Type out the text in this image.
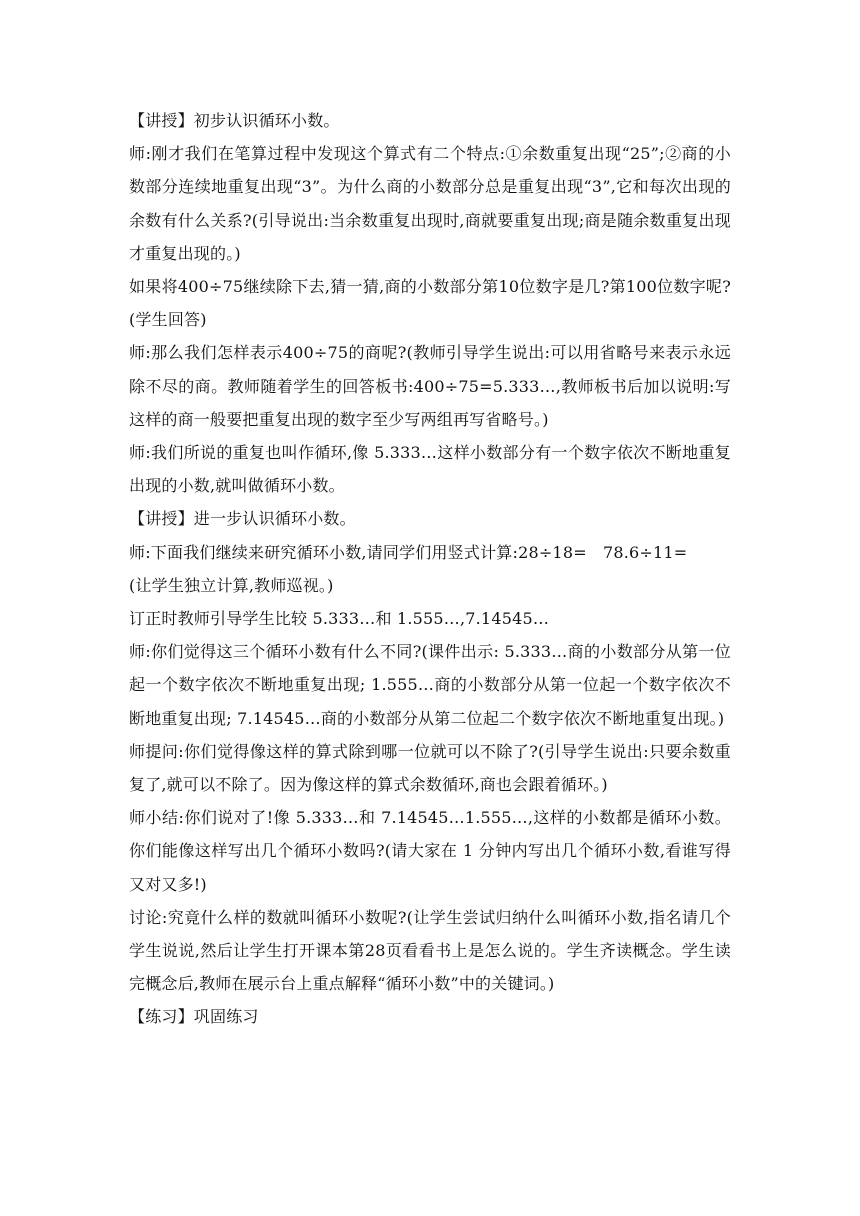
【讲授】初步认识循环小数。

师:刚才我们在笔算过程中发现这个算式有二个特点:①余数重复出现“25”;②商的小数部分连续地重复出现“3”。为什么商的小数部分总是重复出现“3”,它和每次出现的余数有什么关系?(引导说出:当余数重复出现时,商就要重复出现;商是随余数重复出现才重复出现的。)

如果将400÷75继续除下去,猜一猜,商的小数部分第10位数字是几?第100位数字呢?(学生回答)

师:那么我们怎样表示400÷75的商呢?(教师引导学生说出:可以用省略号来表示永远除不尽的商。教师随着学生的回答板书:400÷75=5.333…,教师板书后加以说明:写这样的商一般要把重复出现的数字至少写两组再写省略号。)

师:我们所说的重复也叫作循环,像 5.333…这样小数部分有一个数字依次不断地重复出现的小数,就叫做循环小数。

【讲授】进一步认识循环小数。

师:下面我们继续来研究循环小数,请同学们用竖式计算:28÷18=　78.6÷11=

(让学生独立计算,教师巡视。)

订正时教师引导学生比较 5.333…和 1.555…,7.14545…

师:你们觉得这三个循环小数有什么不同?(课件出示: 5.333…商的小数部分从第一位起一个数字依次不断地重复出现; 1.555…商的小数部分从第一位起一个数字依次不断地重复出现; 7.14545…商的小数部分从第二位起二个数字依次不断地重复出现。)

师提问:你们觉得像这样的算式除到哪一位就可以不除了?(引导学生说出:只要余数重复了,就可以不除了。因为像这样的算式余数循环,商也会跟着循环。)

师小结:你们说对了!像 5.333…和 7.14545…1.555…,这样的小数都是循环小数。你们能像这样写出几个循环小数吗?(请大家在 1 分钟内写出几个循环小数,看谁写得又对又多!)

讨论:究竟什么样的数就叫循环小数呢?(让学生尝试归纳什么叫循环小数,指名请几个学生说说,然后让学生打开课本第28页看看书上是怎么说的。学生齐读概念。学生读完概念后,教师在展示台上重点解释“循环小数”中的关键词。)

【练习】巩固练习
